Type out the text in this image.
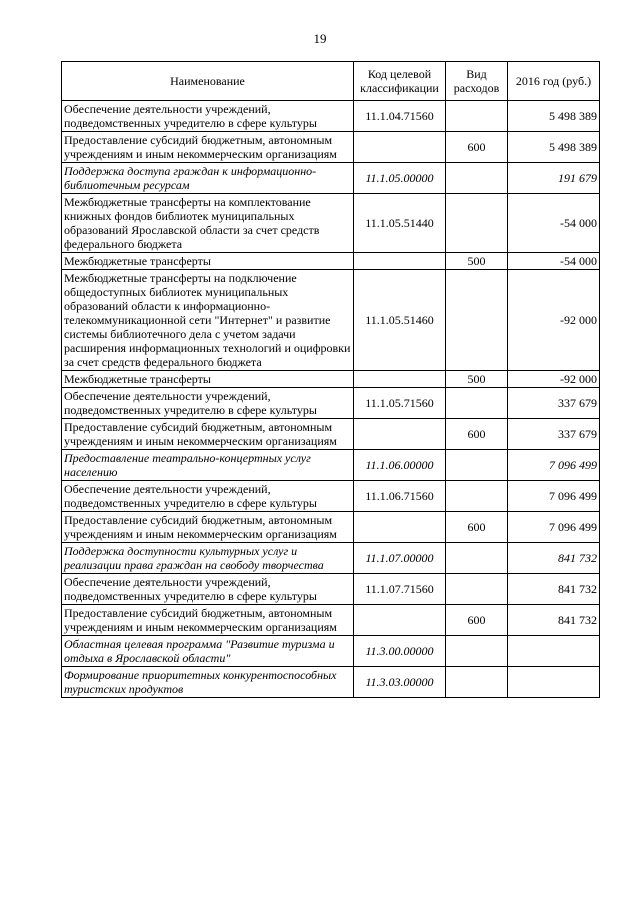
19
Наименование	Код целевой классификации	Вид расходов	2016 год (руб.)
Обеспечение деятельности учреждений, подведомственных учредителю в сфере культуры	11.1.04.71560		5 498 389
Предоставление субсидий бюджетным, автономным учреждениям и иным некоммерческим организациям		600	5 498 389
Поддержка доступа граждан к информационно-библиотечным ресурсам	11.1.05.00000		191 679
Межбюджетные трансферты на комплектование книжных фондов библиотек муниципальных образований Ярославской области за счет средств федерального бюджета	11.1.05.51440		-54 000
Межбюджетные трансферты		500	-54 000
Межбюджетные трансферты на подключение общедоступных библиотек муниципальных образований области к информационно-телекоммуникационной сети "Интернет" и развитие системы библиотечного дела с учетом задачи расширения информационных технологий и оцифровки за счет средств федерального бюджета	11.1.05.51460		-92 000
Межбюджетные трансферты		500	-92 000
Обеспечение деятельности учреждений, подведомственных учредителю в сфере культуры	11.1.05.71560		337 679
Предоставление субсидий бюджетным, автономным учреждениям и иным некоммерческим организациям		600	337 679
Предоставление театрально-концертных услуг населению	11.1.06.00000		7 096 499
Обеспечение деятельности учреждений, подведомственных учредителю в сфере культуры	11.1.06.71560		7 096 499
Предоставление субсидий бюджетным, автономным учреждениям и иным некоммерческим организациям		600	7 096 499
Поддержка доступности культурных услуг и реализации права граждан на свободу творчества	11.1.07.00000		841 732
Обеспечение деятельности учреждений, подведомственных учредителю в сфере культуры	11.1.07.71560		841 732
Предоставление субсидий бюджетным, автономным учреждениям и иным некоммерческим организациям		600	841 732
Областная целевая программа "Развитие туризма и отдыха в Ярославской области"	11.3.00.00000		
Формирование приоритетных конкурентоспособных туристских продуктов	11.3.03.00000		
